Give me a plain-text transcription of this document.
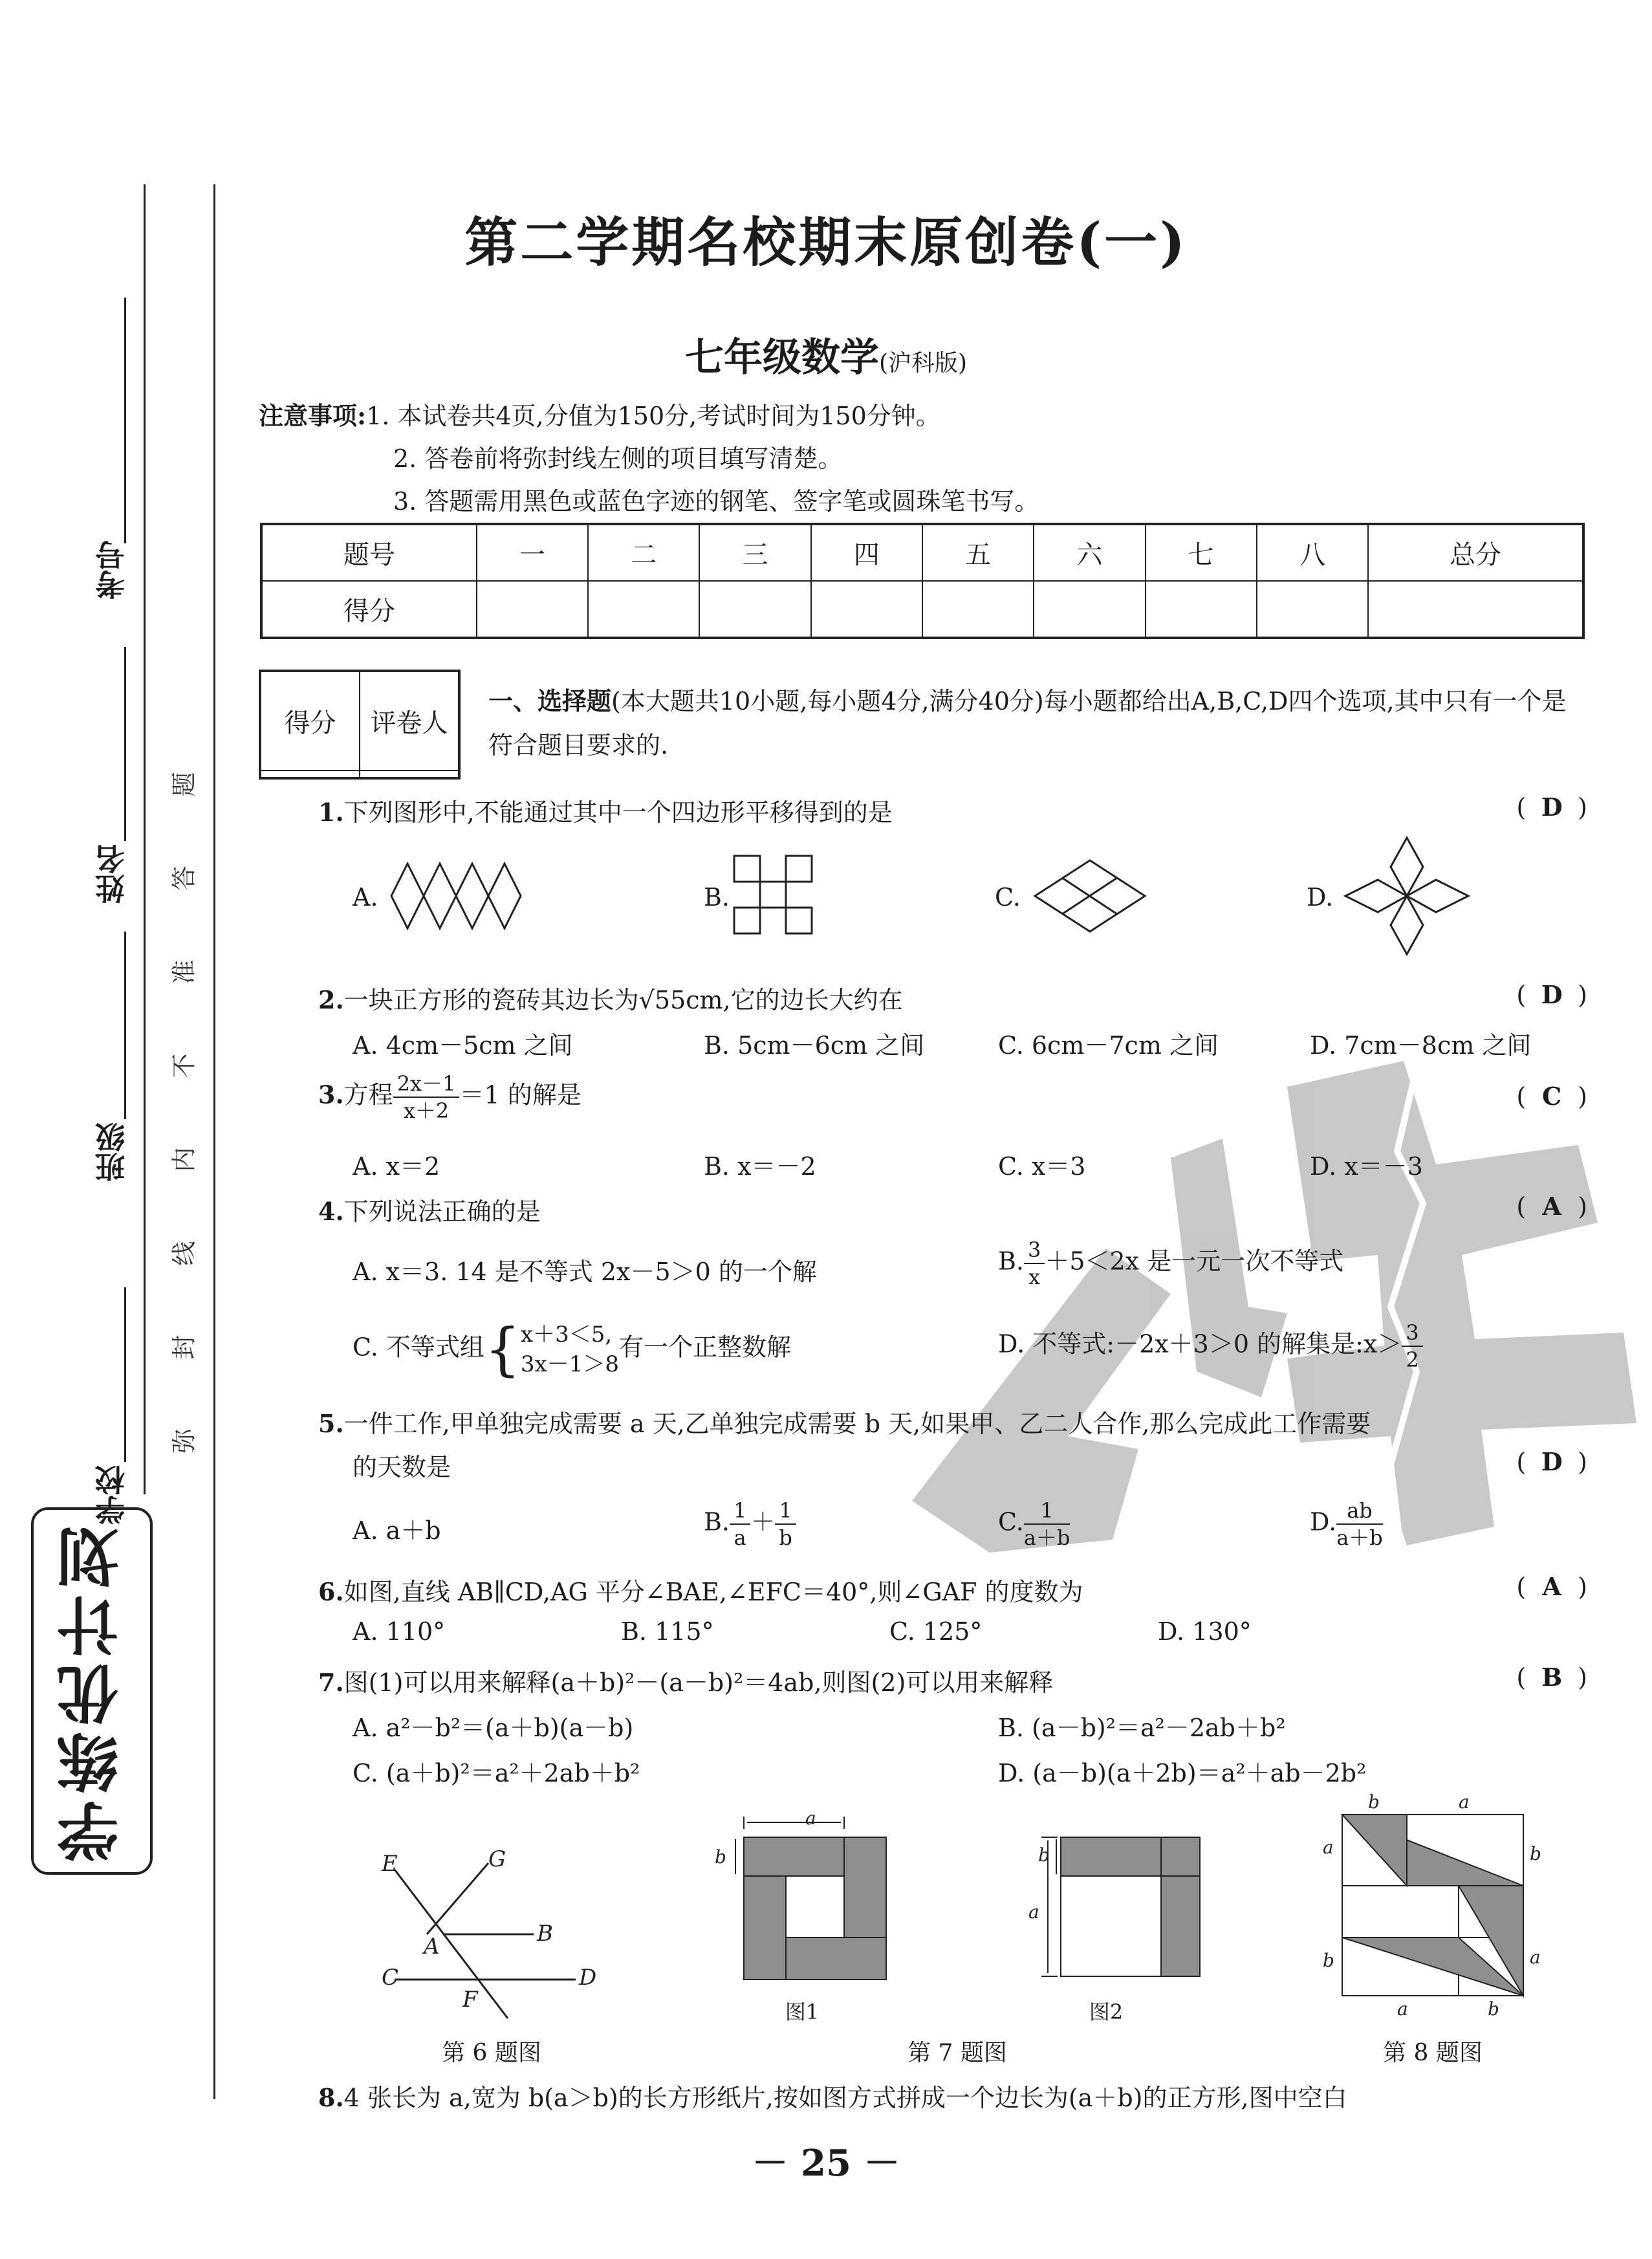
考号
姓名
班级
学校
题
答
准
不
内
线
封
弥
学练优计划
第二学期名校期末原创卷(一)
七年级数学(沪科版)
注意事项:1. 本试卷共4页,分值为150分,考试时间为150分钟。
2. 答卷前将弥封线左侧的项目填写清楚。
3. 答题需用黑色或蓝色字迹的钢笔、签字笔或圆珠笔书写。
题号	一	二	三	四	五	六	七	八	总分
得分									
得分	评卷人

一、选择题(本大题共10小题,每小题4分,满分40分)每小题都给出A,B,C,D四个选项,其中只有一个是符合题目要求的.
1.下列图形中,不能通过其中一个四边形平移得到的是	( D )
A.	B.	C.	D.
2.一块正方形的瓷砖其边长为√55cm,它的边长大约在	( D )
A. 4cm－5cm 之间	B. 5cm－6cm 之间	C. 6cm－7cm 之间	D. 7cm－8cm 之间
3.方程 $\frac{2x-1}{x+2} =1$ 的解是	( C )
A. x＝2	B. x＝－2	C. x＝3	D. x＝－3
4.下列说法正确的是	( A )
A. x＝3. 14 是不等式 2x－5＞0 的一个解	B. $\frac{3}{x} +5<2x$ 是一元一次不等式
C. 不等式组{ x＋3＜5,
3x－1＞8
有一个正整数解	D. 不等式:－2x＋3＞0 的解集是:x＞ $\frac{3}{2}$
5.一件工作,甲单独完成需要 a 天,乙单独完成需要 b 天,如果甲、乙二人合作,那么完成此工作需要
的天数是	( D )
A. a＋b	B. $\frac{1}{a} + \frac{1}{b}$	C. $\frac{1}{a+b}$	D. $\frac{ab}{a+b}$
6.如图,直线 AB∥CD,AG 平分∠BAE,∠EFC＝40°,则∠GAF 的度数为	( A )
A. 110°	B. 115°	C. 125°	D. 130°
7.图(1)可以用来解释(a＋b)²－(a－b)²＝4ab,则图(2)可以用来解释	( B )
A. a²－b²＝(a＋b)(a－b)	B. (a－b)²＝a²－2ab＋b²
C. (a＋b)²＝a²＋2ab＋b²	D. (a－b)(a＋2b)＝a²＋ab－2b²
E	G
A	B
C
F
D
第 6 题图
a
b
图1
a
b
图2
第 7 题图
b	a
a	b
b	a
a	b
第 8 题图
8.4 张长为 a,宽为 b(a＞b)的长方形纸片,按如图方式拼成一个边长为(a＋b)的正方形,图中空白
－ 25 －
